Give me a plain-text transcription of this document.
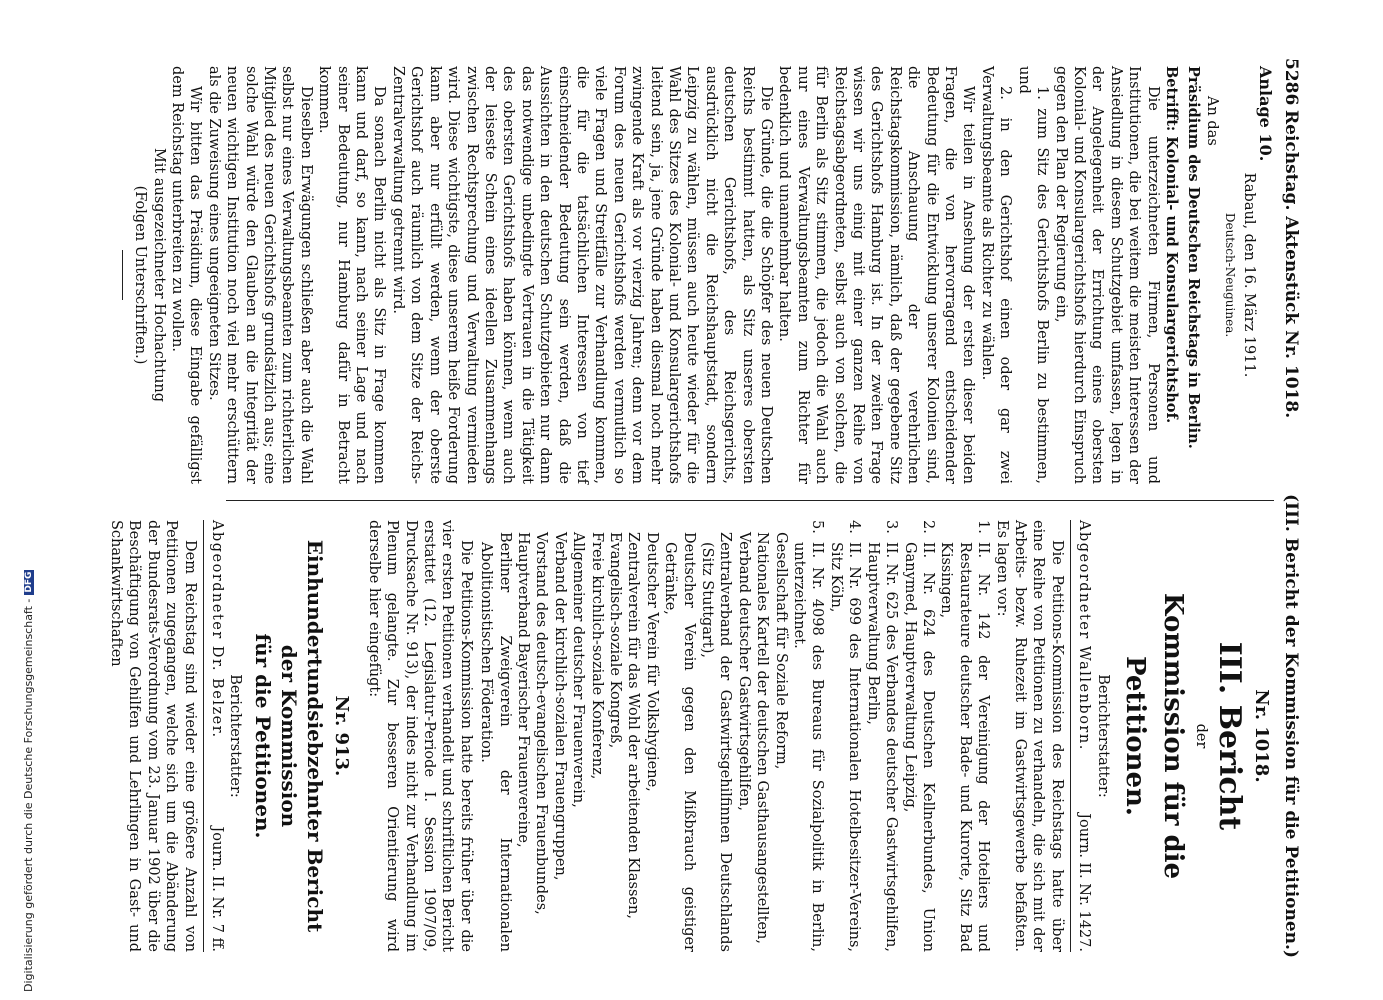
5286
Reichstag. Aktenstück Nr. 1018.
(III. Bericht der Kommission für die Petitionen.)

Anlage 10.

Rabaul, den 16. März 1911.

Deutsch-Neuguinea.

An das

Präsidium des Deutschen Reichstags in Berlin.

Betrifft: Kolonial- und Konsulargerichtshof.

Die unterzeichneten Firmen, Personen und Institutionen, die bei weitem die meisten Interessen der Ansiedlung in diesem Schutzgebiet umfassen, legen in der Angelegenheit der Errichtung eines obersten Kolonial- und Konsulargerichtshofs hierdurch Einspruch gegen den Plan der Regierung ein,

1. zum Sitz des Gerichtshofs Berlin zu bestimmen, und

2. in den Gerichtshof einen oder gar zwei Verwaltungsbeamte als Richter zu wählen.

Wir teilen in Ansehung der ersten dieser beiden Fragen, die von hervorragend entscheidender Bedeutung für die Entwicklung unserer Kolonien sind, die Anschauung der verehrlichen Reichstagskommission, nämlich, daß der gegebene Sitz des Gerichtshofs Hamburg ist. In der zweiten Frage wissen wir uns einig mit einer ganzen Reihe von Reichstagsabgeordneten, selbst auch von solchen, die für Berlin als Sitz stimmen, die jedoch die Wahl auch nur eines Verwaltungsbeamten zum Richter für bedenklich und unannehmbar halten.

Die Gründe, die die Schöpfer des neuen Deutschen Reichs bestimmt hatten, als Sitz unseres obersten deutschen Gerichtshofs, des Reichsgerichts, ausdrücklich nicht die Reichshauptstadt, sondern Leipzig zu wählen, müssen auch heute wieder für die Wahl des Sitzes des Kolonial- und Konsulargerichtshofs leitend sein, ja, jene Gründe haben diesmal noch mehr zwingende Kraft als vor vierzig Jahren; denn vor dem Forum des neuen Gerichtshofs werden vermutlich so viele Fragen und Streitfälle zur Verhandlung kommen, die für die tatsächlichen Interessen von tief einschneidender Bedeutung sein werden, daß die Aussichten in den deutschen Schutzgebieten nur dann das notwendige unbedingte Vertrauen in die Tätigkeit des obersten Gerichtshofs haben können, wenn auch der leiseste Schein eines ideellen Zusammenhangs zwischen Rechtsprechung und Verwaltung vermieden wird. Diese wichtigste, diese unserem heiße Forderung kann aber nur erfüllt werden, wenn der oberste Gerichtshof auch räumlich von dem Sitze der Reichs-Zentralverwaltung getrennt wird.

Da sonach Berlin nicht als Sitz in Frage kommen kann und darf, so kann, nach seiner Lage und nach seiner Bedeutung, nur Hamburg dafür in Betracht kommen.

Dieselben Erwägungen schließen aber auch die Wahl selbst nur eines Verwaltungsbeamten zum richterlichen Mitglied des neuen Gerichtshofs grundsätzlich aus; eine solche Wahl würde den Glauben an die Integrität der neuen wichtigen Institution noch viel mehr erschüttern als die Zuweisung eines ungeeigneten Sitzes.

Wir bitten das Präsidium, diese Eingabe gefälligst dem Reichstag unterbreiten zu wollen.

Mit ausgezeichneter Hochachtung

(Folgen Unterschriften.)

Nr. 1018.

III. Bericht

der

Kommission für die Petitionen.

Berichterstatter:

Abgeordneter Wallenborn.
Journ. II. Nr. 1427.

Die Petitions-Kommission des Reichstags hatte über eine Reihe von Petitionen zu verhandeln, die sich mit der Arbeits- bezw. Ruhezeit im Gastwirtsgewerbe befaßten. Es lagen vor:

1.
II. Nr. 142 der Vereinigung der Hoteliers und Restaurateure deutscher Bade- und Kurorte, Sitz Bad Kissingen,
2.
II. Nr. 624 des Deutschen Kellnerbundes, Union Ganymed, Hauptverwaltung Leipzig,
3.
II. Nr. 625 des Verbandes deutscher Gastwirtsgehilfen, Hauptverwaltung Berlin,
4.
II. Nr. 699 des Internationalen Hotelbesitzer-Vereins, Sitz Köln,
5.
II. Nr. 4098 des Bureaus für Sozialpolitik in Berlin, unterzeichnet.
Gesellschaft für Soziale Reform,
Nationales Kartell der deutschen Gasthausangestellten,
Verband deutscher Gastwirtsgehilfen,
Zentralverband der Gastwirtsgehilfinnen Deutschlands (Sitz Stuttgart),
Deutscher Verein gegen den Mißbrauch geistiger Getränke,
Deutscher Verein für Volkshygiene,
Zentralverein für das Wohl der arbeitenden Klassen,
Evangelisch-soziale Kongreß,
Freie kirchlich-soziale Konferenz,
Allgemeiner deutscher Frauenverein,
Verband der kirchlich-sozialen Frauengruppen,
Vorstand des deutsch-evangelischen Frauenbundes,
Hauptverband Bayerischer Frauenvereine,
Berliner Zweigverein der Internationalen Abolitionistischen Föderation.

Die Petitions-Kommission hatte bereits früher über die vier ersten Petitionen verhandelt und schriftlichen Bericht erstattet (12. Legislatur-Periode I. Session 1907/09, Drucksache Nr. 913), der indes nicht zur Verhandlung im Plenum gelangte. Zur besseren Orientierung wird derselbe hier eingefügt:

Nr. 913.

Einhundertundsiebzehnter Bericht der Kommission

für die Petitionen.

Berichterstatter:

Abgeordneter Dr. Belzer.
Journ. II. Nr. 7 ff.

Dem Reichstag sind wieder eine größere Anzahl von Petitionen zugegangen, welche sich um die Abänderung der Bundesrats-Verordnung vom 23. Januar 1902 über die Beschäftigung von Gehilfen und Lehrlingen in Gast- und Schankwirtschaften

Digitalisierung gefördert durch die Deutsche Forschungsgemeinschaft -
DFG
